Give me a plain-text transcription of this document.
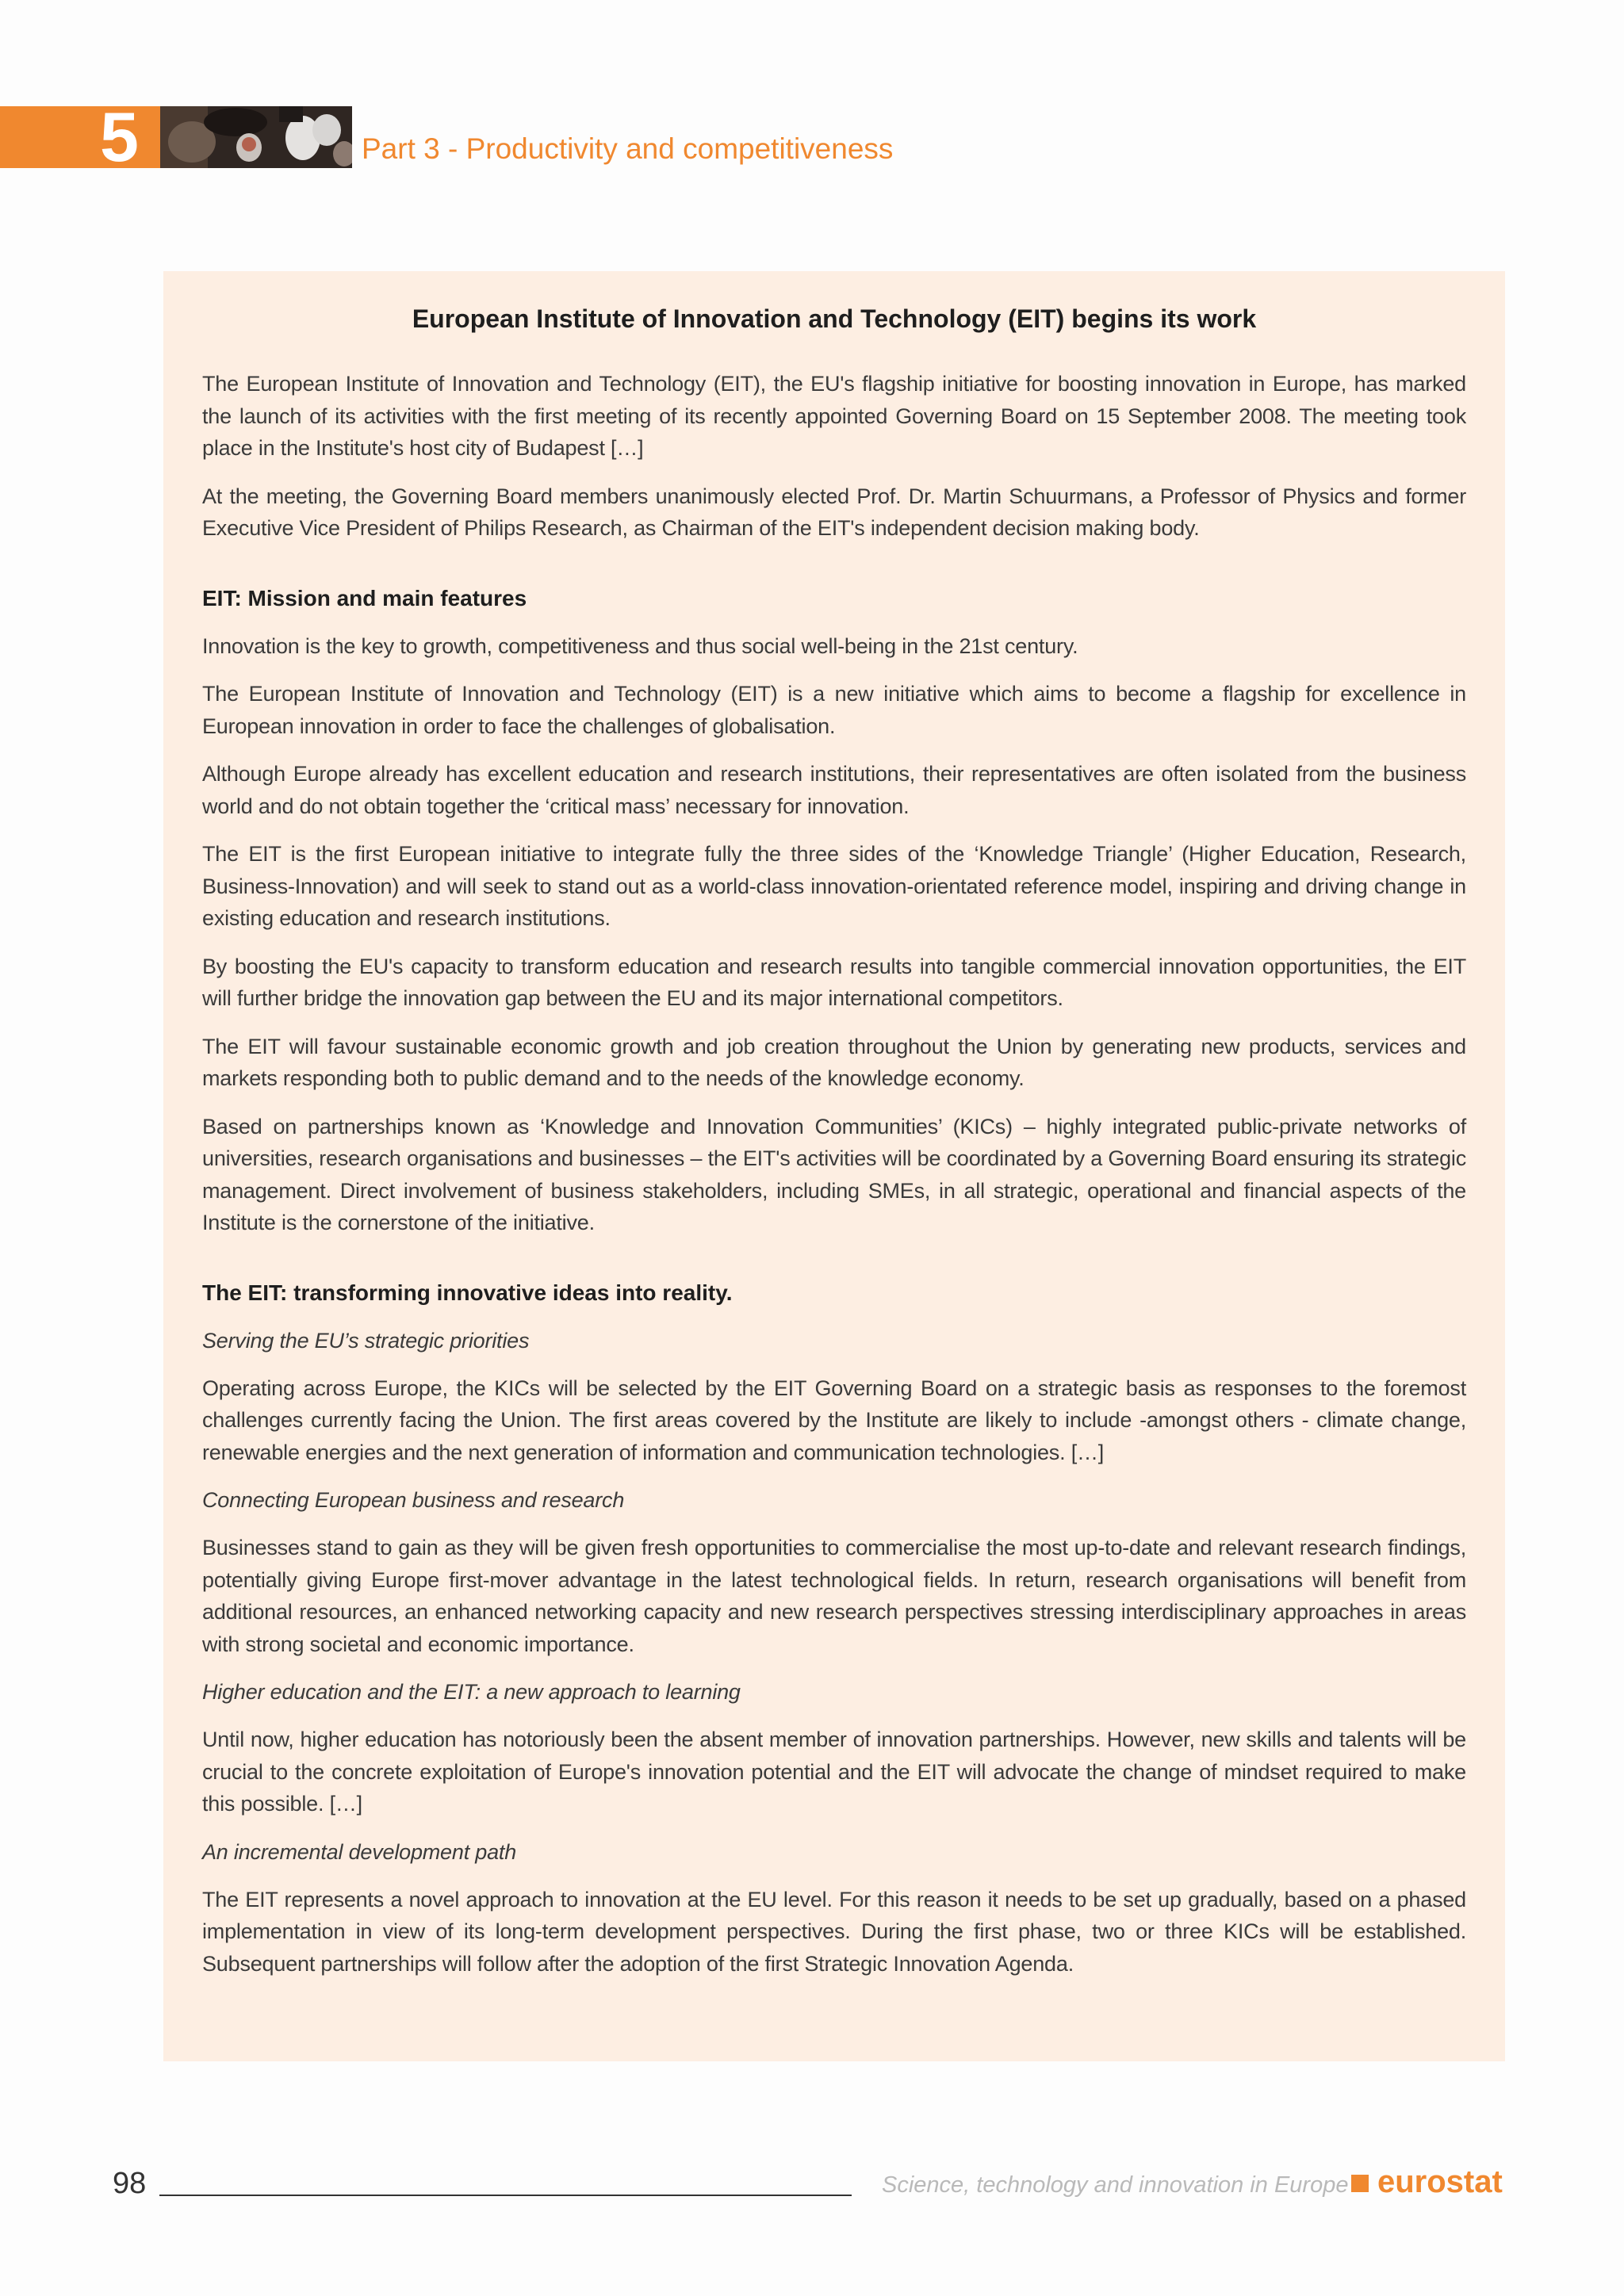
5	Part 3 - Productivity and competitiveness
European Institute of Innovation and Technology (EIT) begins its work

The European Institute of Innovation and Technology (EIT), the EU's flagship initiative for boosting innovation in Europe, has marked the launch of its activities with the first meeting of its recently appointed Governing Board on 15 September 2008. The meeting took place in the Institute's host city of Budapest […]

At the meeting, the Governing Board members unanimously elected Prof. Dr. Martin Schuurmans, a Professor of Physics and former Executive Vice President of Philips Research, as Chairman of the EIT's independent decision making body.

EIT: Mission and main features

Innovation is the key to growth, competitiveness and thus social well-being in the 21st century.

The European Institute of Innovation and Technology (EIT) is a new initiative which aims to become a flagship for excellence in European innovation in order to face the challenges of globalisation.

Although Europe already has excellent education and research institutions, their representatives are often isolated from the business world and do not obtain together the ‘critical mass’ necessary for innovation.

The EIT is the first European initiative to integrate fully the three sides of the ‘Knowledge Triangle’ (Higher Education, Research, Business-Innovation) and will seek to stand out as a world-class innovation-orientated reference model, inspiring and driving change in existing education and research institutions.

By boosting the EU's capacity to transform education and research results into tangible commercial innovation opportunities, the EIT will further bridge the innovation gap between the EU and its major international competitors.

The EIT will favour sustainable economic growth and job creation throughout the Union by generating new products, services and markets responding both to public demand and to the needs of the knowledge economy.

Based on partnerships known as ‘Knowledge and Innovation Communities’ (KICs) – highly integrated public-private networks of universities, research organisations and businesses – the EIT's activities will be coordinated by a Governing Board ensuring its strategic management. Direct involvement of business stakeholders, including SMEs, in all strategic, operational and financial aspects of the Institute is the cornerstone of the initiative.

The EIT: transforming innovative ideas into reality.
Serving the EU’s strategic priorities

Operating across Europe, the KICs will be selected by the EIT Governing Board on a strategic basis as responses to the foremost challenges currently facing the Union. The first areas covered by the Institute are likely to include -amongst others - climate change, renewable energies and the next generation of information and communication technologies. […]

Connecting European business and research

Businesses stand to gain as they will be given fresh opportunities to commercialise the most up-to-date and relevant research findings, potentially giving Europe first-mover advantage in the latest technological fields. In return, research organisations will benefit from additional resources, an enhanced networking capacity and new research perspectives stressing interdisciplinary approaches in areas with strong societal and economic importance.

Higher education and the EIT: a new approach to learning

Until now, higher education has notoriously been the absent member of innovation partnerships. However, new skills and talents will be crucial to the concrete exploitation of Europe's innovation potential and the EIT will advocate the change of mindset required to make this possible. […]

An incremental development path

The EIT represents a novel approach to innovation at the EU level. For this reason it needs to be set up gradually, based on a phased implementation in view of its long-term development perspectives. During the first phase, two or three KICs will be established. Subsequent partnerships will follow after the adoption of the first Strategic Innovation Agenda.

98	Science, technology and innovation in Europe eurostat
